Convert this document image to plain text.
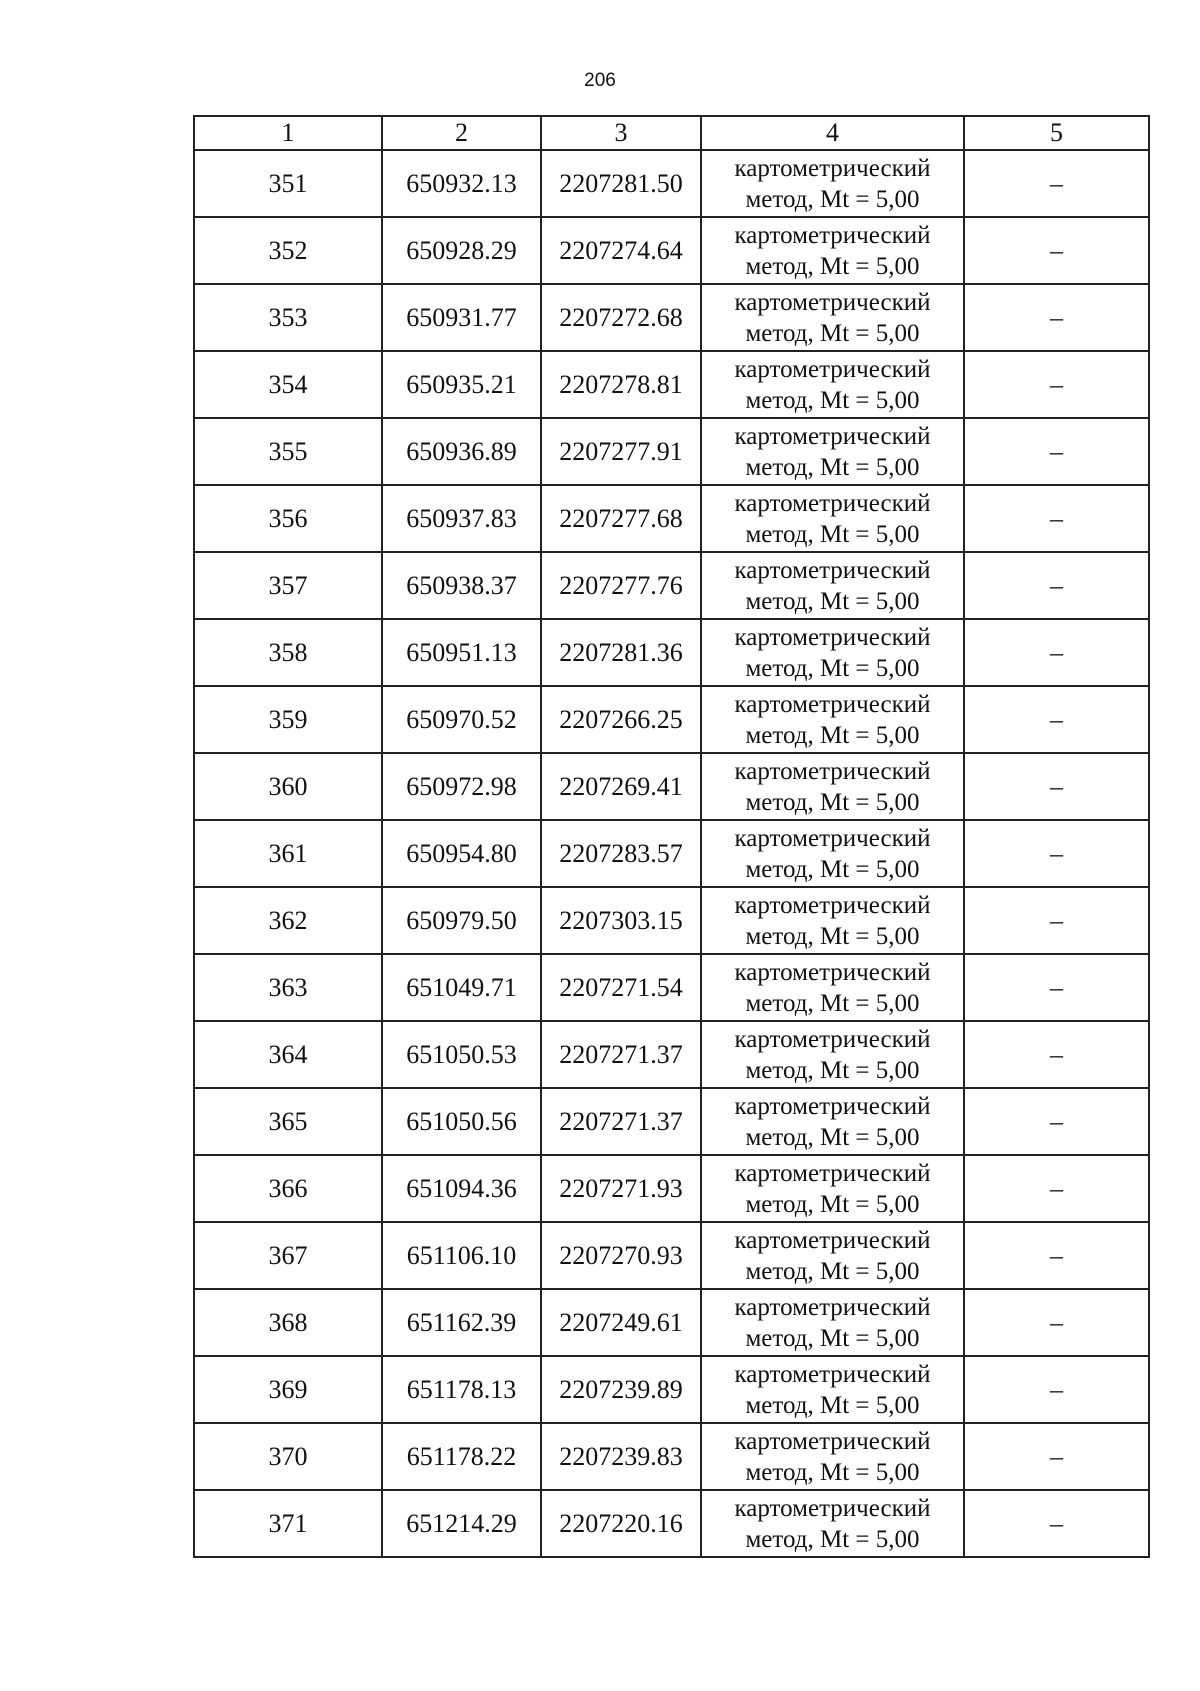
206
1	2	3	4	5
351	650932.13	2207281.50	картометрический
метод, Mt = 5,00	–
352	650928.29	2207274.64	картометрический
метод, Mt = 5,00	–
353	650931.77	2207272.68	картометрический
метод, Mt = 5,00	–
354	650935.21	2207278.81	картометрический
метод, Mt = 5,00	–
355	650936.89	2207277.91	картометрический
метод, Mt = 5,00	–
356	650937.83	2207277.68	картометрический
метод, Mt = 5,00	–
357	650938.37	2207277.76	картометрический
метод, Mt = 5,00	–
358	650951.13	2207281.36	картометрический
метод, Mt = 5,00	–
359	650970.52	2207266.25	картометрический
метод, Mt = 5,00	–
360	650972.98	2207269.41	картометрический
метод, Mt = 5,00	–
361	650954.80	2207283.57	картометрический
метод, Mt = 5,00	–
362	650979.50	2207303.15	картометрический
метод, Mt = 5,00	–
363	651049.71	2207271.54	картометрический
метод, Mt = 5,00	–
364	651050.53	2207271.37	картометрический
метод, Mt = 5,00	–
365	651050.56	2207271.37	картометрический
метод, Mt = 5,00	–
366	651094.36	2207271.93	картометрический
метод, Mt = 5,00	–
367	651106.10	2207270.93	картометрический
метод, Mt = 5,00	–
368	651162.39	2207249.61	картометрический
метод, Mt = 5,00	–
369	651178.13	2207239.89	картометрический
метод, Mt = 5,00	–
370	651178.22	2207239.83	картометрический
метод, Mt = 5,00	–
371	651214.29	2207220.16	картометрический
метод, Mt = 5,00	–
